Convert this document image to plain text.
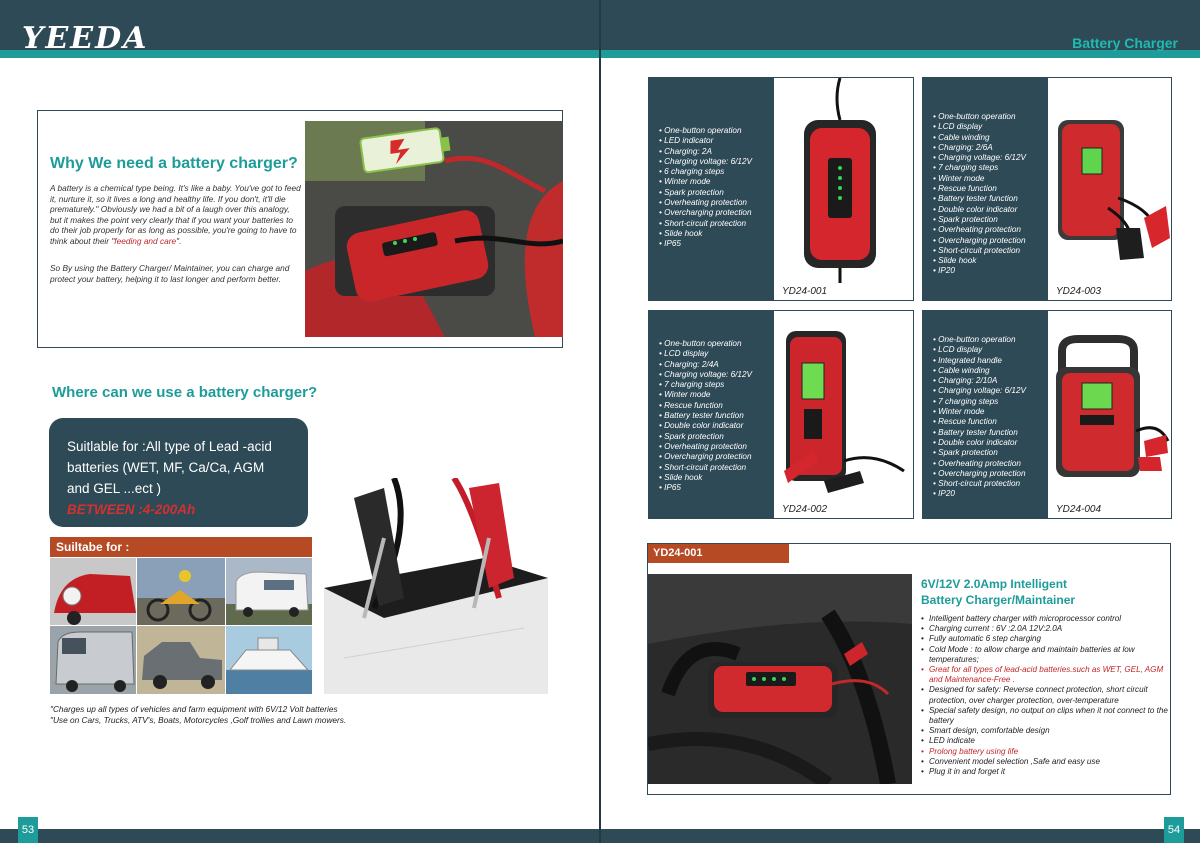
YEEDA	Battery Charger
53	54
Why We need a battery charger?
A battery is a chemical type being. It's like a baby. You've got to feed it, nurture it, so it lives a long and healthy life. If you don't, it'll die prematurely." Obviously we had a bit of a laugh over this analogy, but it makes the point very clearly that if you want your batteries to do their job properly for as long as possible, you're going to have to think about their "feeding and care".
So By using the Battery Charger/ Maintainer, you can charge and protect your battery, helping it to last longer and perform better.
Where can we use a battery charger?
Suitlable for :All type of Lead -acid batteries (WET, MF, Ca/Ca, AGM and GEL ...ect )
BETWEEN :4-200Ah
Suiltabe for :
"Charges up all types of vehicles and farm equipment with 6V/12 Volt batteries
"Use on Cars, Trucks, ATV's, Boats, Motorcycles ,Golf trollies and Lawn mowers.
• One-button operation
• LED indicator
• Charging: 2A
• Charging voltage: 6/12V
• 6 charging steps
• Winter mode
• Spark protection
• Overheating protection
• Overcharging protection
• Short-circuit protection
• Slide hook
• IP65
YD24-001
• One-button operation
• LCD display
• Cable winding
• Charging: 2/6A
• Charging voltage: 6/12V
• 7 charging steps
• Winter mode
• Rescue function
• Battery tester function
• Double color indicator
• Spark protection
• Overheating protection
• Overcharging protection
• Short-circuit protection
• Slide hook
• IP20
YD24-003
• One-button operation
• LCD display
• Charging: 2/4A
• Charging voltage: 6/12V
• 7 charging steps
• Winter mode
• Rescue function
• Battery tester function
• Double color indicator
• Spark protection
• Overheating protection
• Overcharging protection
• Short-circuit protection
• Slide hook
• IP65
YD24-002
• One-button operation
• LCD display
• Integrated handle
• Cable winding
• Charging: 2/10A
• Charging voltage: 6/12V
• 7 charging steps
• Winter mode
• Rescue function
• Battery tester function
• Double color indicator
• Spark protection
• Overheating protection
• Overcharging protection
• Short-circuit protection
• IP20
YD24-004
YD24-001
6V/12V 2.0Amp Intelligent
Battery Charger/Maintainer
• Intelligent battery charger with microprocessor control
• Charging current : 6V :2.0A 12V:2.0A
• Fully automatic 6 step charging
• Cold Mode : to allow charge and maintain batteries at low temperatures;
• Great for all types of lead-acid batteries.such as WET, GEL, AGM and Maintenance-Free .
• Designed for safety: Reverse connect protection, short circuit protection, over charger protection, over-temperature
• Special safety design, no output on clips when it not connect to the battery
• Smart design, comfortable design
• LED indicate
• Prolong battery using life
• Convenient model selection ,Safe and easy use
• Plug it in and forget it
